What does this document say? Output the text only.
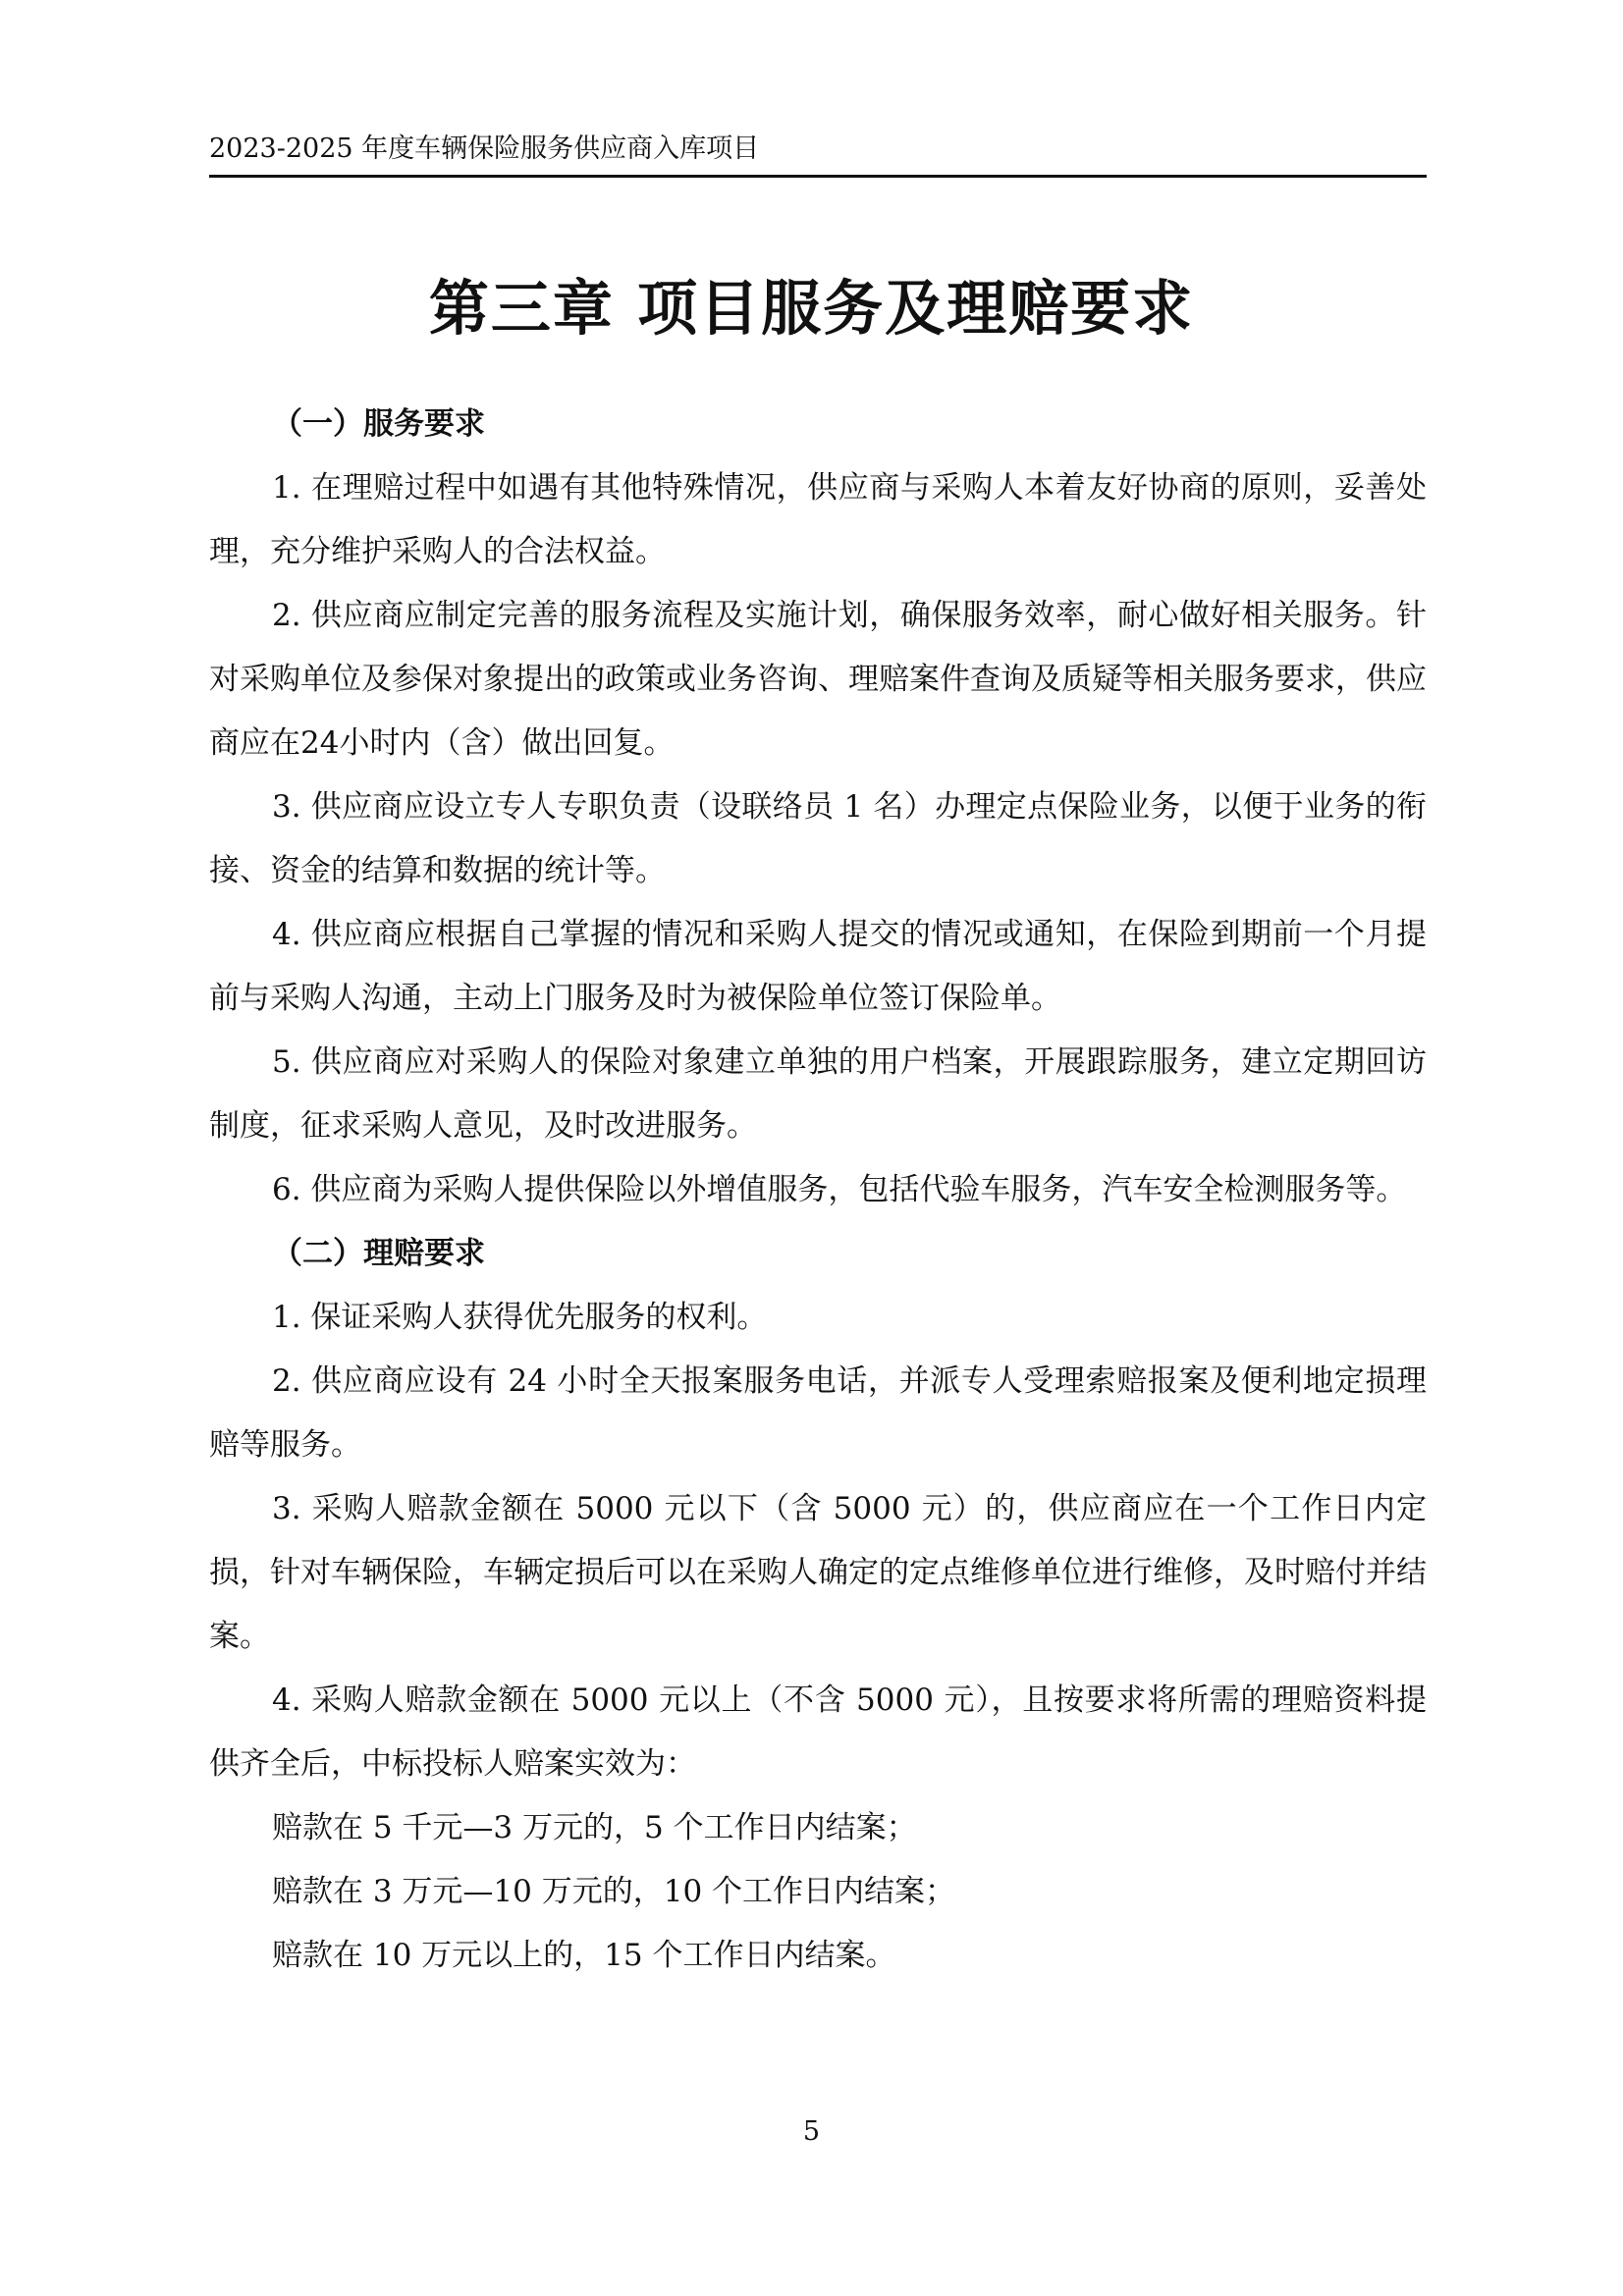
2023-2025 年度车辆保险服务供应商入库项目
第三章 项目服务及理赔要求

（一）服务要求

1. 在理赔过程中如遇有其他特殊情况，供应商与采购人本着友好协商的原则，妥善处理，充分维护采购人的合法权益。

2. 供应商应制定完善的服务流程及实施计划，确保服务效率，耐心做好相关服务。针对采购单位及参保对象提出的政策或业务咨询、理赔案件查询及质疑等相关服务要求，供应商应在24小时内（含）做出回复。

3. 供应商应设立专人专职负责（设联络员 1 名）办理定点保险业务，以便于业务的衔接、资金的结算和数据的统计等。

4. 供应商应根据自己掌握的情况和采购人提交的情况或通知，在保险到期前一个月提前与采购人沟通，主动上门服务及时为被保险单位签订保险单。

5. 供应商应对采购人的保险对象建立单独的用户档案，开展跟踪服务，建立定期回访制度，征求采购人意见，及时改进服务。

6. 供应商为采购人提供保险以外增值服务，包括代验车服务，汽车安全检测服务等。

（二）理赔要求

1. 保证采购人获得优先服务的权利。

2. 供应商应设有 24 小时全天报案服务电话，并派专人受理索赔报案及便利地定损理赔等服务。

3. 采购人赔款金额在 5000 元以下（含 5000 元）的，供应商应在一个工作日内定损，针对车辆保险，车辆定损后可以在采购人确定的定点维修单位进行维修，及时赔付并结案。

4. 采购人赔款金额在 5000 元以上（不含 5000 元），且按要求将所需的理赔资料提供齐全后，中标投标人赔案实效为：

赔款在 5 千元—3 万元的，5 个工作日内结案；

赔款在 3 万元—10 万元的，10 个工作日内结案；

赔款在 10 万元以上的，15 个工作日内结案。

5
